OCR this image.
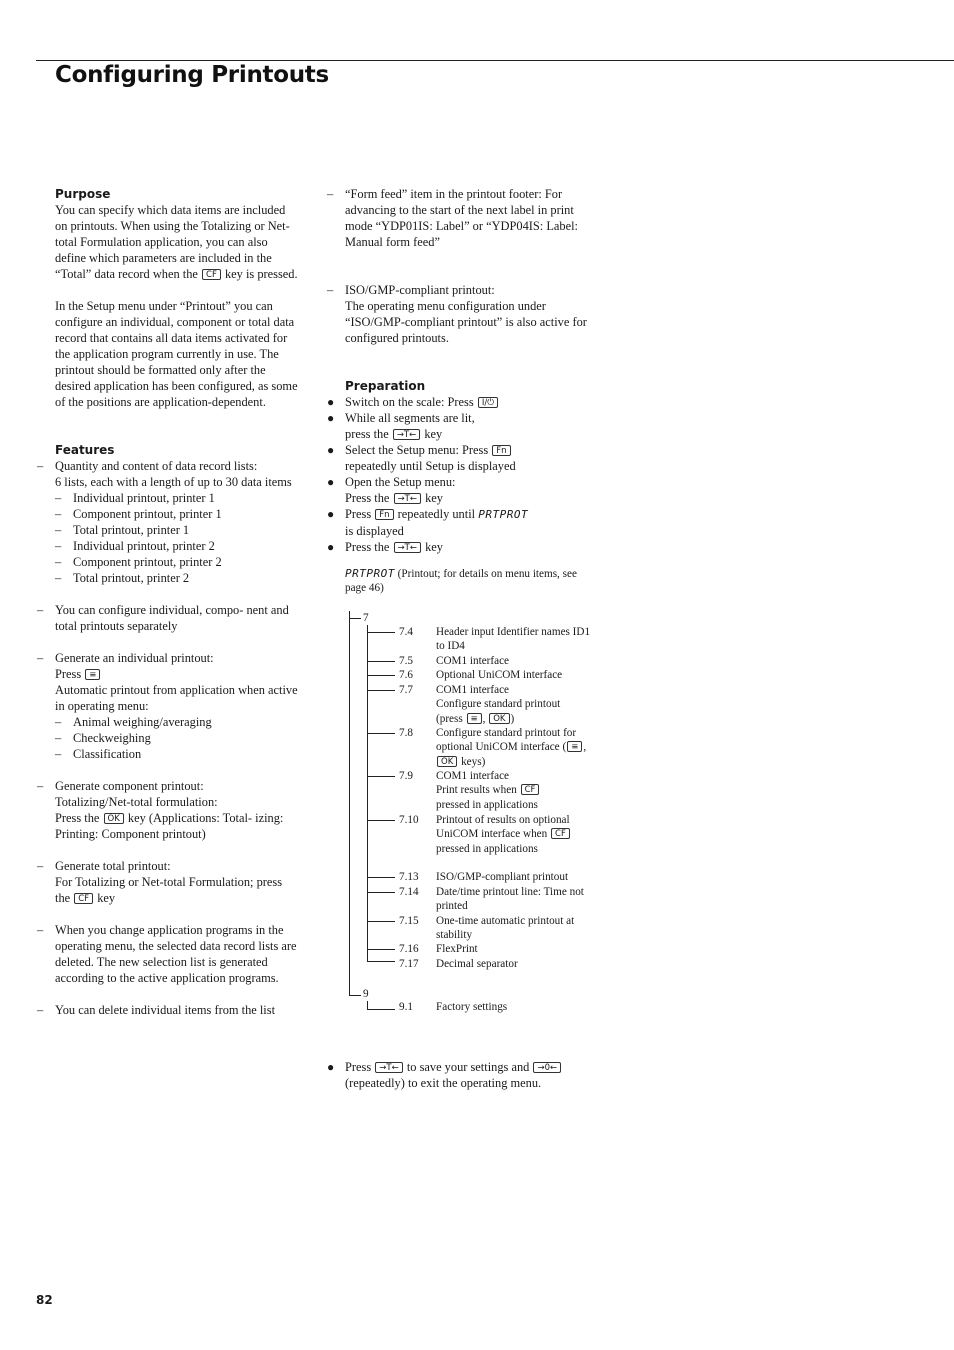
Configuring Printouts

Purpose

You can specify which data items are included on printouts. When using the Totalizing or Net-total Formulation application, you can also define which parameters are included in the “Total” data record when the CF key is pressed.

In the Setup menu under “Printout” you can configure an individual, component or total data record that contains all data items activated for the application program currently in use. The printout should be formatted only after the desired application has been configured, as some of the positions are application-dependent.

Features

– Quantity and content of data record lists:

6 lists, each with a length of up to 30 data items

– Individual printout, printer 1

– Component printout, printer 1

– Total printout, printer 1

– Individual printout, printer 2

– Component printout, printer 2

– Total printout, printer 2

– You can configure individual, compo- nent and total printouts separately

– Generate an individual printout:

Press ≡

Automatic printout from application when active in operating menu:

– Animal weighing/averaging

– Checkweighing

– Classification

– Generate component printout:

Totalizing/Net-total formulation:

Press the OK key (Applications: Total- izing: Printing: Component printout)

– Generate total printout:

For Totalizing or Net-total Formulation; press the CF key

– When you change application programs in the operating menu, the selected data record lists are deleted. The new selection list is generated according to the active application programs.

– You can delete individual items from the list

– “Form feed” item in the printout footer: For advancing to the start of the next label in print mode “YDP01IS: Label” or “YDP04IS: Label: Manual form feed”

– ISO/GMP-compliant printout:

The operating menu configuration under “ISO/GMP-compliant printout” is also active for configured printouts.

Preparation

● Switch on the scale: Press I/⏻

● While all segments are lit,
press the →T← key

● Select the Setup menu: Press Fn
repeatedly until Setup is displayed

● Open the Setup menu:
Press the →T← key

● Press Fn repeatedly until PRTPROT
is displayed

● Press the →T← key

PRTPROT (Printout; for details on menu items, see page 46)

7
9
7.4	Header input Identifier names ID1 to ID4
7.5	COM1 interface
7.6	Optional UniCOM interface
7.7	COM1 interface
Configure standard printout
(press ≡ , OK )
7.8	Configure standard printout for optional UniCOM interface ( ≡ , OK keys)
7.9	COM1 interface
Print results when CF
pressed in applications
7.10	Printout of results on optional UniCOM interface when CF pressed in applications
7.13	ISO/GMP-compliant printout
7.14	Date/time printout line: Time not printed
7.15	One-time automatic printout at stability
7.16	FlexPrint
7.17	Decimal separator
9.1	Factory settings

● Press →T← to save your settings and →0←
(repeatedly) to exit the operating menu.

82
